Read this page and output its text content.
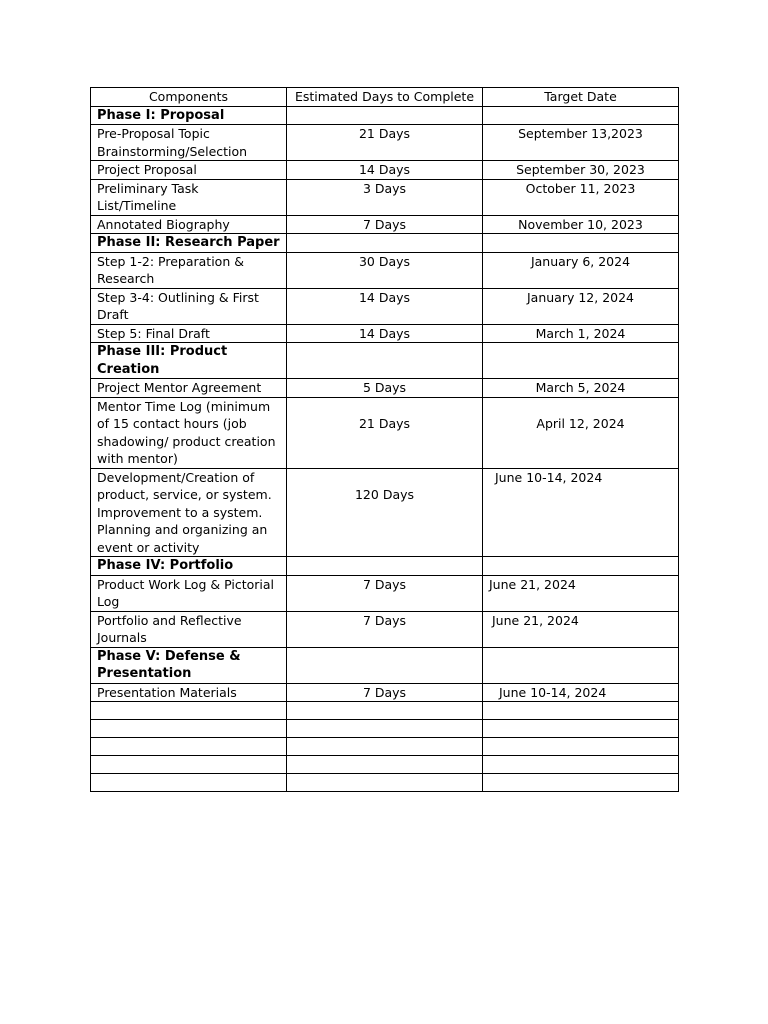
Components	Estimated Days to Complete	Target Date
Phase I: Proposal		
Pre-Proposal Topic Brainstorming/Selection	21 Days	September 13,2023
Project Proposal	14 Days	September 30, 2023
Preliminary Task List/Timeline	3 Days	October 11, 2023
Annotated Biography	7 Days	November 10, 2023
Phase II: Research Paper		
Step 1-2: Preparation & Research	30 Days	January 6, 2024
Step 3-4: Outlining & First Draft	14 Days	January 12, 2024
Step 5: Final Draft	14 Days	March 1, 2024
Phase III: Product Creation		
Project Mentor Agreement	5 Days	March 5, 2024
Mentor Time Log (minimum of 15 contact hours (job shadowing/ product creation with mentor)	21 Days	April 12, 2024
Development/Creation of product, service, or system. Improvement to a system. Planning and organizing an event or activity	120 Days	June 10-14, 2024
Phase IV: Portfolio		
Product Work Log & Pictorial Log	7 Days	June 21, 2024
Portfolio and Reflective Journals	7 Days	June 21, 2024
Phase V: Defense & Presentation		
Presentation Materials	7 Days	June 10-14, 2024
